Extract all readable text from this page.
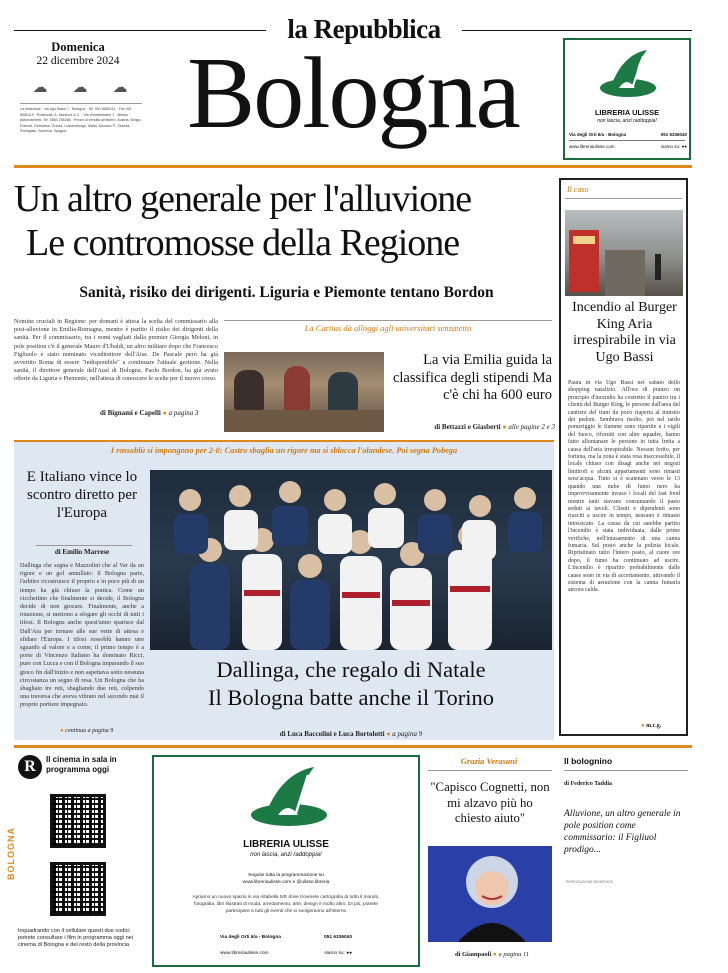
la Repubblica
Domenica
22 dicembre 2024
☁ ☁ ☁
La redazione · via Ugo Bassi 7 · Bologna · Tel. 051 6580111 · Fax 051 6580119 · Pubblicità: A. Manzoni & C. · Via Winckelmann 1 · Milano · Abbonamenti: Tel. 0864 256266 · Prezzi di vendita all'estero: Austria, Belgio, Francia, Germania, Grecia, Lussemburgo, Malta, Monaco P., Olanda, Portogallo, Slovenia, Spagna	Bologna	LIBRERIA ULISSE
non lascia, anzi raddoppia!
Via degli Orti 6/a - Bologna	051 6336040
www.libreriaulisse.com	siamo su: ●●
Un altro generale per l'alluvione
Le contromosse della Regione
Sanità, risiko dei dirigenti. Liguria e Piemonte tentano Bordon
Nomine cruciali in Regione: per domani è attesa la scelta del commissario alla post-alluvione in Emilia-Romagna, mentre è partito il risiko dei dirigenti della sanità. Per il commissario, tra i nomi vagliati dalla premier Giorgia Meloni, in pole position c'è il generale Mauro d'Ubaldi, un altro militare dopo che Francesco Figliuolo è stato nominato vicedirettore dell'Aise. De Pascale però ha già avvertito Roma di essere "indisponibile" a continuare l'attuale gestione. Nella sanità, il direttore generale dell'Ausl di Bologna, Paolo Bordon, ha già avuto offerte da Liguria e Piemonte, nell'attesa di conoscere le scelte per il nuovo corso.
di Bignami e Capelli ● a pagina 3
La Caritas dà alloggi agli universitari senzatetto
La via Emilia guida la classifica degli stipendi Ma c'è chi ha 600 euro
di Bettazzi e Giasberti ● alle pagine 2 e 3
Il caso
Incendio al Burger King Aria irrespirabile in via Ugo Bassi
Paura in via Ugo Bassi nel sabato dello shopping natalizio. All'ora di pranzo un principio d'incendio ha costretto il panico tra i clienti del Burger King, le persone dall'area del cantiere del tram da poco riaperta al transito dei pedoni. Sembrava risolto, poi nel tardo pomeriggio le fiamme sono ripartite e i vigili del fuoco, riforniti con altre squadre, hanno fatto allontanare le persone in tutta fretta a causa dell'aria irrespirabile. Nessun ferito, per fortuna, ma la zona è stata resa inaccessibile, il locale chiuso con disagi anche nei negozi limitrofi e alcuni appartamenti sono rimasti senz'acqua. Tutto si è scatenato verso le 13 quando una nube di fumo nero ha improvvisamente invaso i locali del fast food mentre tanti stavano consumando il pasto seduti ai tavoli. Clienti e dipendenti sono riusciti a uscire in tempo, nessuno è rimasto intossicato. La causa da cui sarebbe partito l'incendio è stata individuata, dalle prime verifiche, nell'intasamento di una canna fumaria. Sul posto anche la polizia locale. Ripristinato tutto l'intero pasto, al cuore ore dopo, il fumo ha continuato ad uscire. L'incendio è ripartito probabilmente dalle cause sono in via di accertamento, attivando il sistema di aerazione con la canna fumaria ancora calda.
● m.c.g.
I rossoblù si impongono per 2-0: Castro sbaglia un rigore ma si sblocca l'olandese. Poi segna Pobega
E Italiano vince lo scontro diretto per l'Europa
di Emilio Marrese
Dallinga che segna e Mazzolini che al Var da un rigore e un gol annullato: il Bologna parte, l'arbitro ricostruisce il proprio e in poco più di un tempo ha già chiuso la pratica. Come un cicchettino che finalmente si decide, il Bologna decide di non giocare. Finalmente, anche a rotazione, si mettono a sfogare gli occhi di tutti i tifosi. Il Bologna anche quest'anno sparisce dal Dall'Ara per tornare alle sue vette di attesa e sfidare l'Europa. I tifosi rossoblù hanno uno sguardo al valore e a come, il primo tempo è a porte di Vincenzo Italiano ha dominato Ricci, pure con Lucca e con il Bologna imparando il suo gioco fin dall'inizio e non aspettava sotto nessuna circostanza un segno di resa. Un Bologna che ha sbagliato tre reti, sbagliando due reti, colpendo una traversa che aveva vibrato nel secondo mai il proprio portiere impegnato.
● continua a pagina 9
Dallinga, che regalo di Natale
Il Bologna batte anche il Torino
di Luca Baccolini e Luca Bortolotti ● a pagina 9
R	Il cinema in sala in programma oggi
BOLOGNA
Inquadrando con il cellulare questi due codici potrete consultare i film in programma oggi nei cinema di Bologna e del resto della provincia
LIBRERIA ULISSE
non lascia, anzi raddoppia!
Seguite tutta la programmazione su www.libreriaulisse.com e @ulisse.libreria
Apriamo un nuovo spazio in via Altabella 5/E dove troverete cartografia di tutto il mondo, fotografia, libri illustrati di moda, arredamento, arte, design e molto altro. Di più, potrete partecipare a tutti gli eventi che si svolgeranno all'interno
Via degli Orti 6/a - Bologna	051 6336040
www.libreriaulisse.com	siamo su: ●●
Grazia Verasani
"Capisco Cognetti, non mi alzavo più ho chiesto aiuto"
di Giampaoli ● a pagina 11
Il bolognino
di Federico Taddia
Alluvione, un altro generale in pole position come commissario: il Figliuol prodigo...
RIPRODUZIONE RISERVATA
